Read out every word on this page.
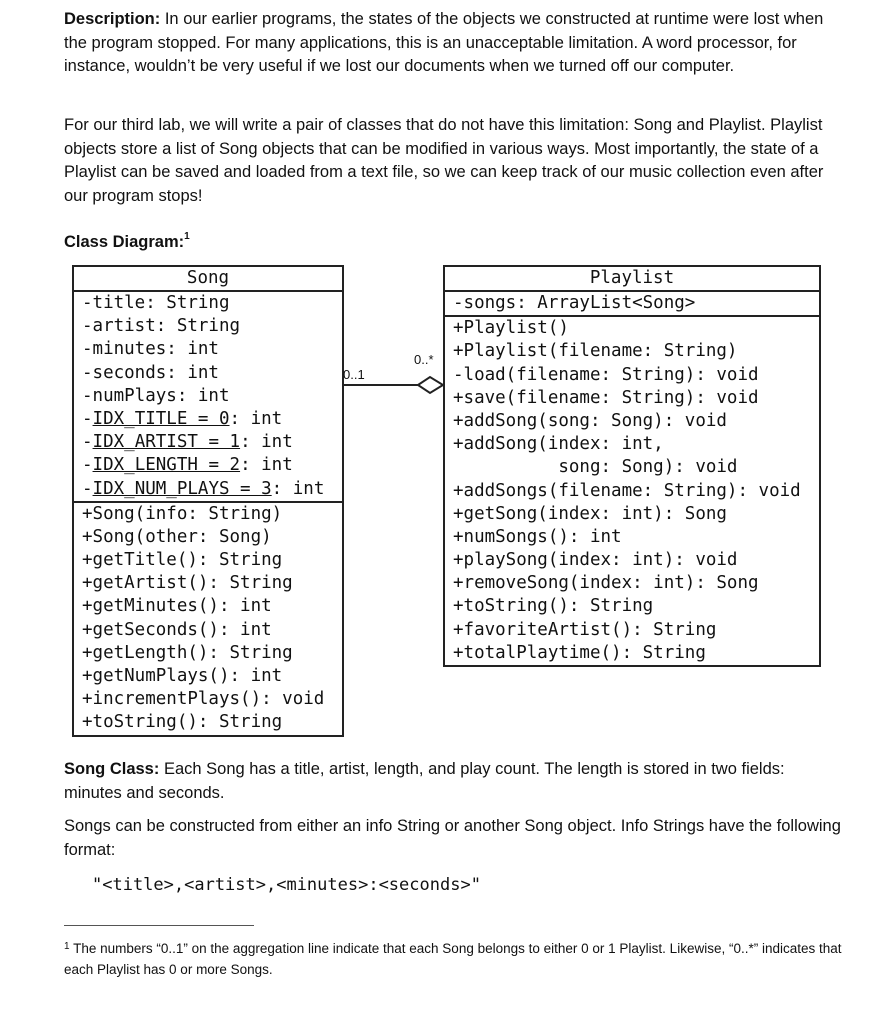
Description: In our earlier programs, the states of the objects we constructed at runtime were lost when the program stopped. For many applications, this is an unacceptable limitation. A word processor, for instance, wouldn’t be very useful if we lost our documents when we turned off our computer.

For our third lab, we will write a pair of classes that do not have this limitation: Song and Playlist. Playlist objects store a list of Song objects that can be modified in various ways. Most importantly, the state of a Playlist can be saved and loaded from a text file, so we can keep track of our music collection even after our program stops!

Class Diagram:$^1$

Song
-title: String
-artist: String
-minutes: int
-seconds: int
-numPlays: int
-IDX_TITLE = 0: int
-IDX_ARTIST = 1: int
-IDX_LENGTH = 2: int
-IDX_NUM_PLAYS = 3: int
+Song(info: String)
+Song(other: Song)
+getTitle(): String
+getArtist(): String
+getMinutes(): int
+getSeconds(): int
+getLength(): String
+getNumPlays(): int
+incrementPlays(): void
+toString(): String
Playlist
-songs: ArrayList<Song>
+Playlist()
+Playlist(filename: String)
-load(filename: String): void
+save(filename: String): void
+addSong(song: Song): void
+addSong(index: int,
song: Song): void
+addSongs(filename: String): void
+getSong(index: int): Song
+numSongs(): int
+playSong(index: int): void
+removeSong(index: int): Song
+toString(): String
+favoriteArtist(): String
+totalPlaytime(): String
0..1
0..*

Song Class: Each Song has a title, artist, length, and play count. The length is stored in two fields: minutes and seconds.

Songs can be constructed from either an info String or another Song object. Info Strings have the following format:

"<title>,<artist>,<minutes>:<seconds>"

$^1$ The numbers “0..1” on the aggregation line indicate that each Song belongs to either 0 or 1 Playlist. Likewise, “0..*” indicates that each Playlist has 0 or more Songs.
